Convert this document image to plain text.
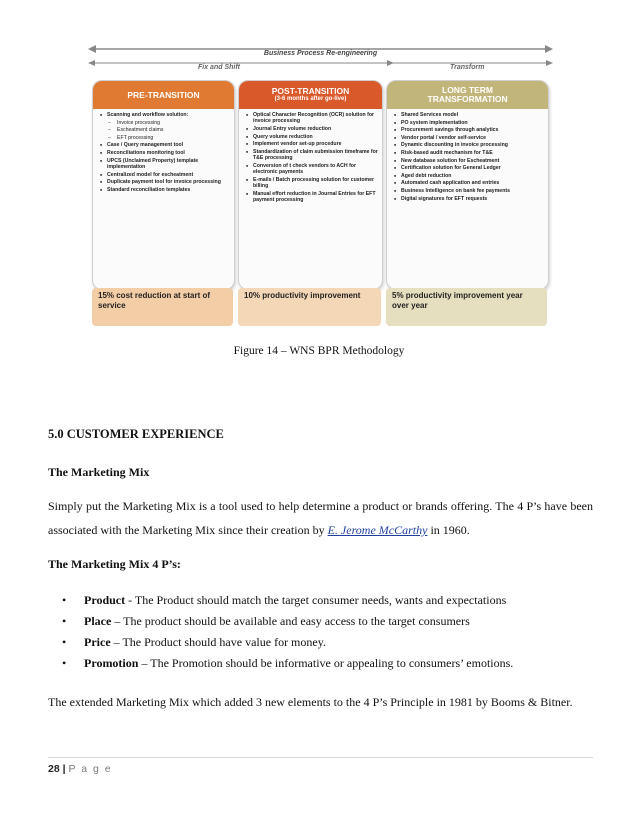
Business Process Re-engineering
Fix and Shift	Transform
PRE-TRANSITION
■ Scanning and workflow solution:
– Invoice processing
– Escheatment claims
– EFT processing
■ Case / Query management tool
■ Reconciliations monitoring tool
■ UPCS (Unclaimed Property) template implementation
■ Centralized model for escheatment
■ Duplicate payment tool for invoice processing
■ Standard reconciliation templates
POST-TRANSITION
(3-6 months after go-live)
■ Optical Character Recognition (OCR) solution for invoice processing
■ Journal Entry volume reduction
■ Query volume reduction
■ Implement vendor set-up procedure
■ Standardization of claim submission timeframe for T&E processing
■ Conversion of t check vendors to ACH for electronic payments
■ E-mails / Batch processing solution for customer billing
■ Manual effort reduction in Journal Entries for EFT payment processing
LONG TERM TRANSFORMATION
■ Shared Services model
■ PO system implementation
■ Procurement savings through analytics
■ Vendor portal / vendor self-service
■ Dynamic discounting in invoice processing
■ Risk-based audit mechanism for T&E
■ New database solution for Escheatment
■ Certification solution for General Ledger
■ Aged debt reduction
■ Automated cash application and entries
■ Business Intelligence on bank fee payments
■ Digital signatures for EFT requests
15% cost reduction at start of service
10% productivity improvement	5% productivity improvement year over year
Figure 14 – WNS BPR Methodology
5.0 CUSTOMER EXPERIENCE
The Marketing Mix
Simply put the Marketing Mix is a tool used to help determine a product or brands offering. The 4 P’s have been associated with the Marketing Mix since their creation by E. Jerome McCarthy in 1960.
The Marketing Mix 4 P’s:
• Product - The Product should match the target consumer needs, wants and expectations
• Place – The product should be available and easy access to the target consumers
• Price – The Product should have value for money.
• Promotion – The Promotion should be informative or appealing to consumers’ emotions.
The extended Marketing Mix which added 3 new elements to the 4 P’s Principle in 1981 by Booms & Bitner.
28 | P a g e
